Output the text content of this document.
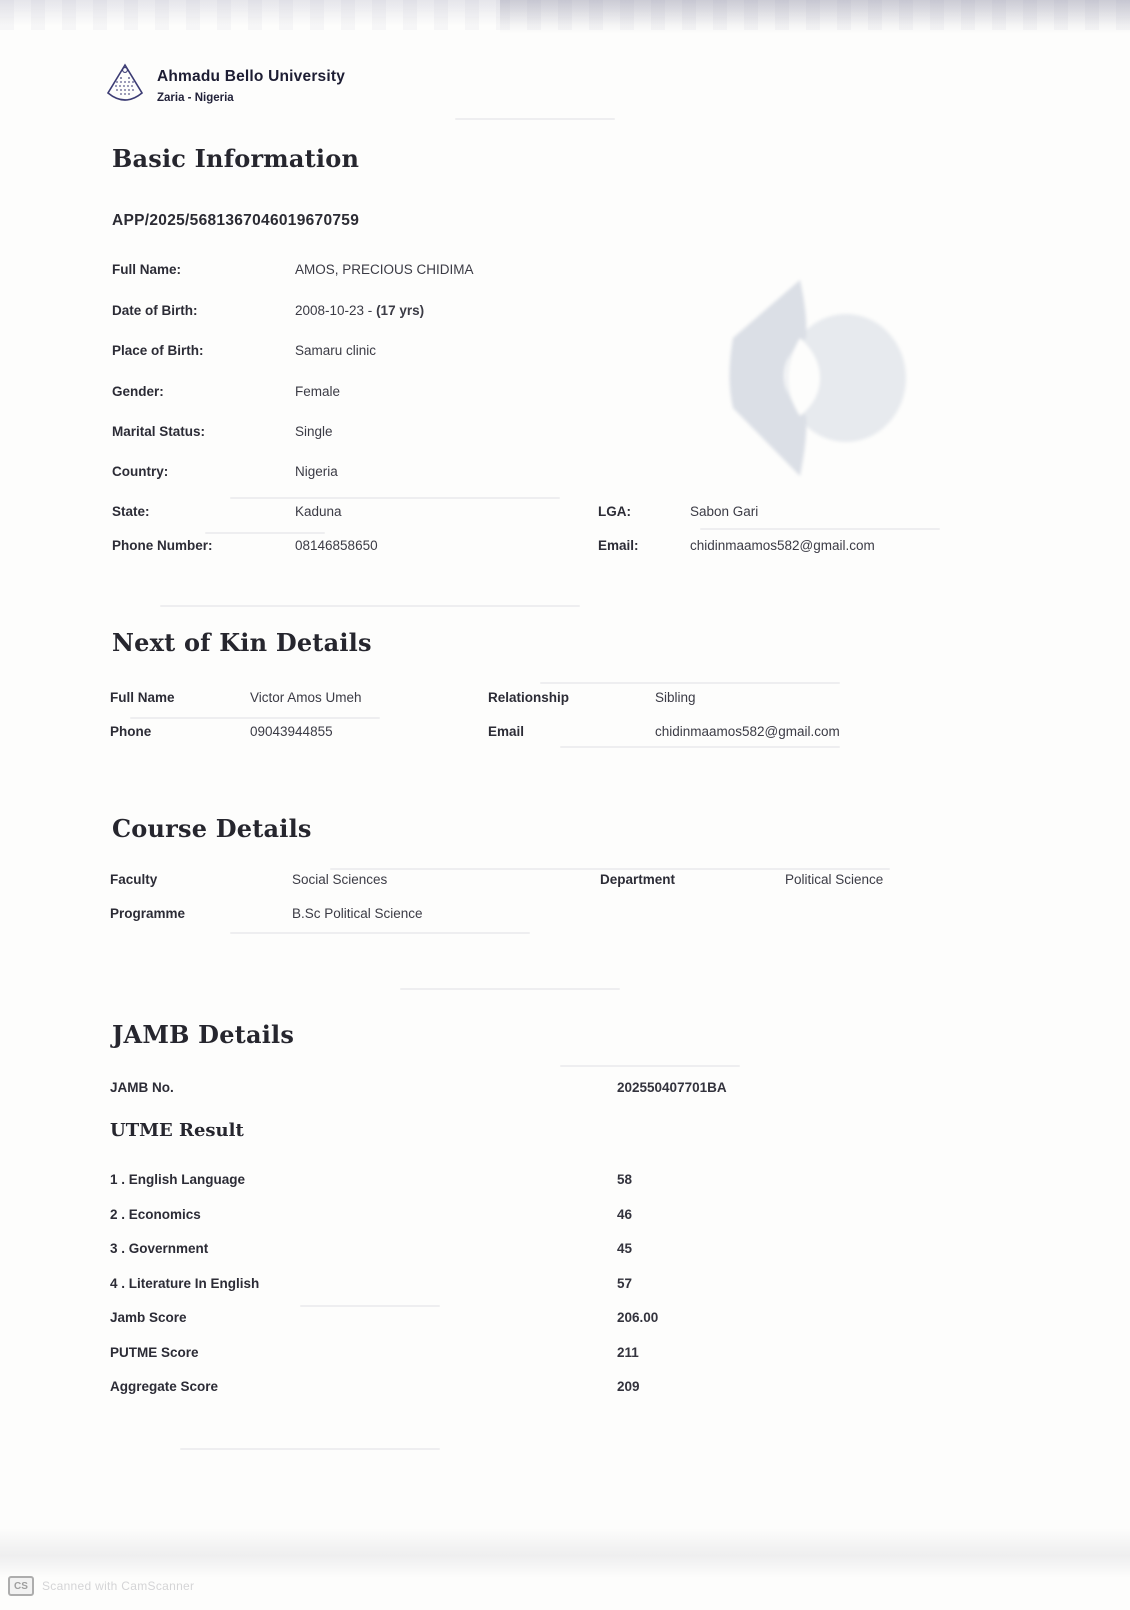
Ahmadu Bello University
Zaria - Nigeria
Basic Information
APP/2025/5681367046019670759
Full Name:	AMOS, PRECIOUS CHIDIMA
Date of Birth:	2008-10-23 - (17 yrs)
Place of Birth:	Samaru clinic
Gender:	Female
Marital Status:	Single
Country:	Nigeria
State:	Kaduna	LGA:	Sabon Gari
Phone Number:	08146858650	Email:	chidinmaamos582@gmail.com
Next of Kin Details
Full Name	Victor Amos Umeh	Relationship	Sibling
Phone	09043944855	Email	chidinmaamos582@gmail.com
Course Details
Faculty	Social Sciences	Department	Political Science
Programme	B.Sc Political Science
JAMB Details
JAMB No.	202550407701BA
UTME Result
1 . English Language	58
2 . Economics	46
3 . Government	45
4 . Literature In English	57
Jamb Score	206.00
PUTME Score	211
Aggregate Score	209
CS	Scanned with CamScanner
